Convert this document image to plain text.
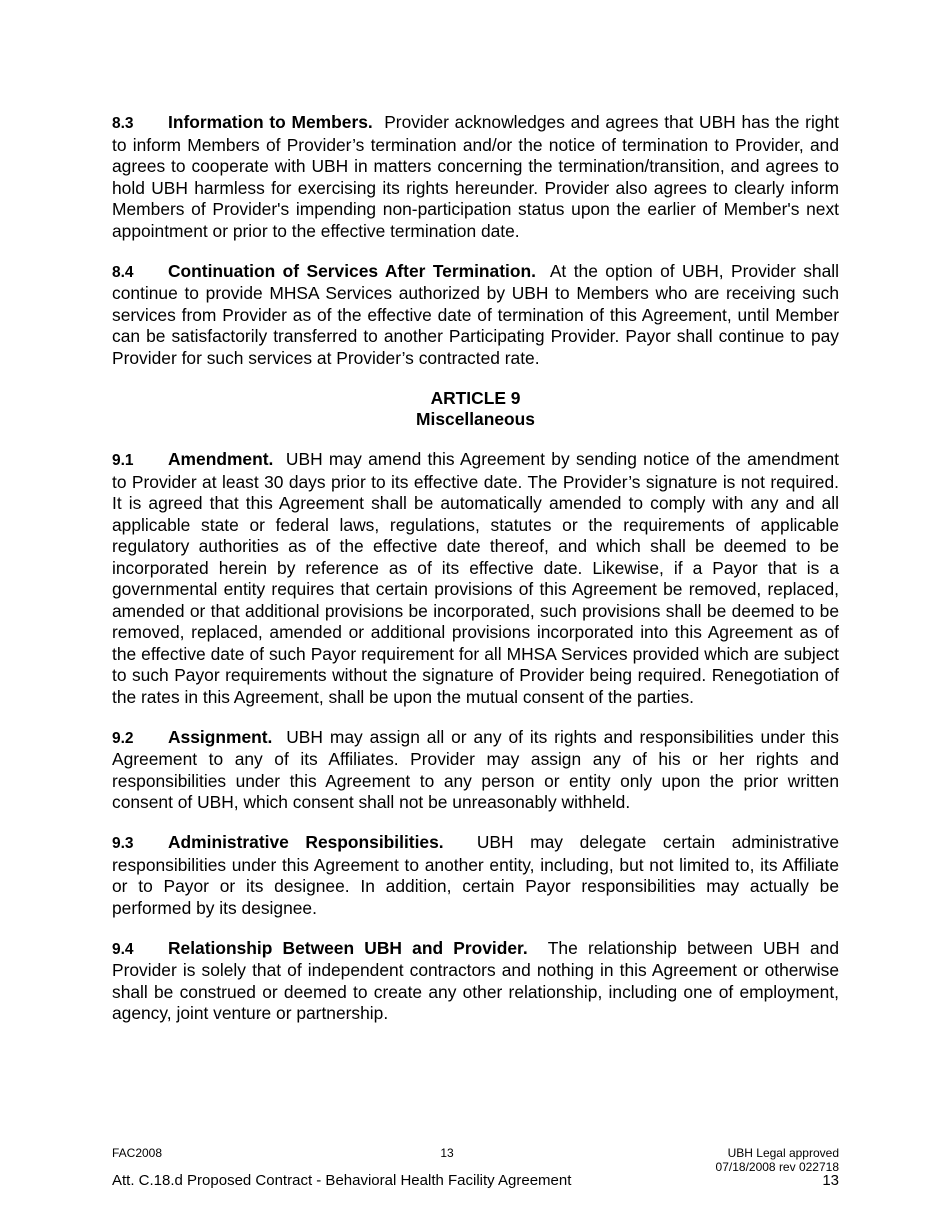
8.3 Information to Members. Provider acknowledges and agrees that UBH has the right to inform Members of Provider’s termination and/or the notice of termination to Provider, and agrees to cooperate with UBH in matters concerning the termination/transition, and agrees to hold UBH harmless for exercising its rights hereunder. Provider also agrees to clearly inform Members of Provider's impending non-participation status upon the earlier of Member's next appointment or prior to the effective termination date.

8.4 Continuation of Services After Termination. At the option of UBH, Provider shall continue to provide MHSA Services authorized by UBH to Members who are receiving such services from Provider as of the effective date of termination of this Agreement, until Member can be satisfactorily transferred to another Participating Provider. Payor shall continue to pay Provider for such services at Provider’s contracted rate.

ARTICLE 9
Miscellaneous

9.1 Amendment. UBH may amend this Agreement by sending notice of the amendment to Provider at least 30 days prior to its effective date. The Provider’s signature is not required. It is agreed that this Agreement shall be automatically amended to comply with any and all applicable state or federal laws, regulations, statutes or the requirements of applicable regulatory authorities as of the effective date thereof, and which shall be deemed to be incorporated herein by reference as of its effective date. Likewise, if a Payor that is a governmental entity requires that certain provisions of this Agreement be removed, replaced, amended or that additional provisions be incorporated, such provisions shall be deemed to be removed, replaced, amended or additional provisions incorporated into this Agreement as of the effective date of such Payor requirement for all MHSA Services provided which are subject to such Payor requirements without the signature of Provider being required. Renegotiation of the rates in this Agreement, shall be upon the mutual consent of the parties.

9.2 Assignment. UBH may assign all or any of its rights and responsibilities under this Agreement to any of its Affiliates. Provider may assign any of his or her rights and responsibilities under this Agreement to any person or entity only upon the prior written consent of UBH, which consent shall not be unreasonably withheld.

9.3 Administrative Responsibilities. UBH may delegate certain administrative responsibilities under this Agreement to another entity, including, but not limited to, its Affiliate or to Payor or its designee. In addition, certain Payor responsibilities may actually be performed by its designee.

9.4 Relationship Between UBH and Provider. The relationship between UBH and Provider is solely that of independent contractors and nothing in this Agreement or otherwise shall be construed or deemed to create any other relationship, including one of employment, agency, joint venture or partnership.

FAC2008	13	UBH Legal approved
07/18/2008 rev 022718
Att. C.18.d Proposed Contract - Behavioral Health Facility Agreement	13
